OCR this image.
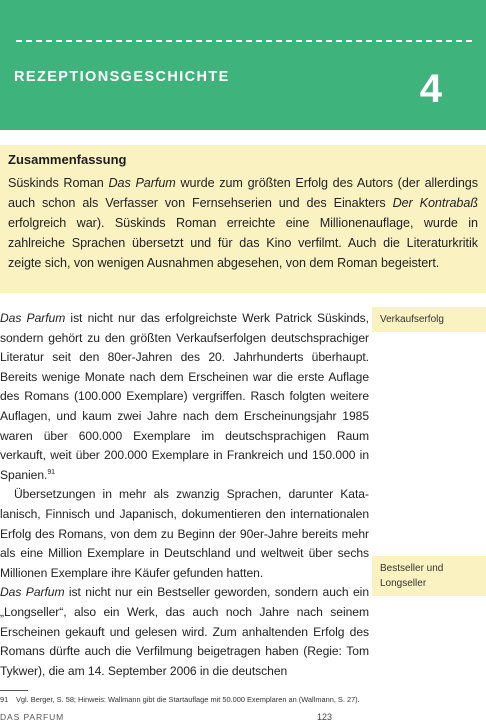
REZEPTIONSGESCHICHTE	4
Zusammenfassung
Süskinds Roman Das Parfum wurde zum größten Erfolg des Autors (der allerdings auch schon als Verfasser von Fernsehserien und des Einakters Der Kontrabaß erfolgreich war). Süskinds Roman erreichte eine Millionenauflage, wurde in zahlreiche Sprachen übersetzt und für das Kino verfilmt. Auch die Literaturkritik zeigte sich, von wenigen Ausnahmen abgesehen, von dem Roman begeistert.

Das Parfum ist nicht nur das erfolgreichste Werk Patrick Süskinds, sondern gehört zu den größten Verkaufserfolgen deutschsprachiger Literatur seit den 80er-Jahren des 20. Jahrhunderts überhaupt. Bereits wenige Monate nach dem Erscheinen war die erste Auflage des Romans (100.000 Exemplare) vergriffen. Rasch folgten weitere Auflagen, und kaum zwei Jahre nach dem Erscheinungsjahr 1985 waren über 600.000 Exemplare im deutschsprachigen Raum verkauft, weit über 200.000 Exemplare in Frankreich und 150.000 in Spanien.$^{91}$

Übersetzungen in mehr als zwanzig Sprachen, darunter Katalanisch, Finnisch und Japanisch, dokumentieren den internationalen Erfolg des Romans, von dem zu Beginn der 90er-Jahre bereits mehr als eine Million Exemplare in Deutschland und weltweit über sechs Millionen Exemplare ihre Käufer gefunden hatten.

Das Parfum ist nicht nur ein Bestseller geworden, sondern auch ein „Longseller“, also ein Werk, das auch noch Jahre nach seinem Erscheinen gekauft und gelesen wird. Zum anhaltenden Erfolg des Romans dürfte auch die Verfilmung beigetragen haben (Regie: Tom Tykwer), die am 14. September 2006 in die deutschen

Verkaufserfolg
Bestseller und Longseller
91 Vgl. Berger, S. 58; Hinweis: Wallmann gibt die Startauflage mit 50.000 Exemplaren an (Wallmann, S. 27).
DAS PARFUM	123
